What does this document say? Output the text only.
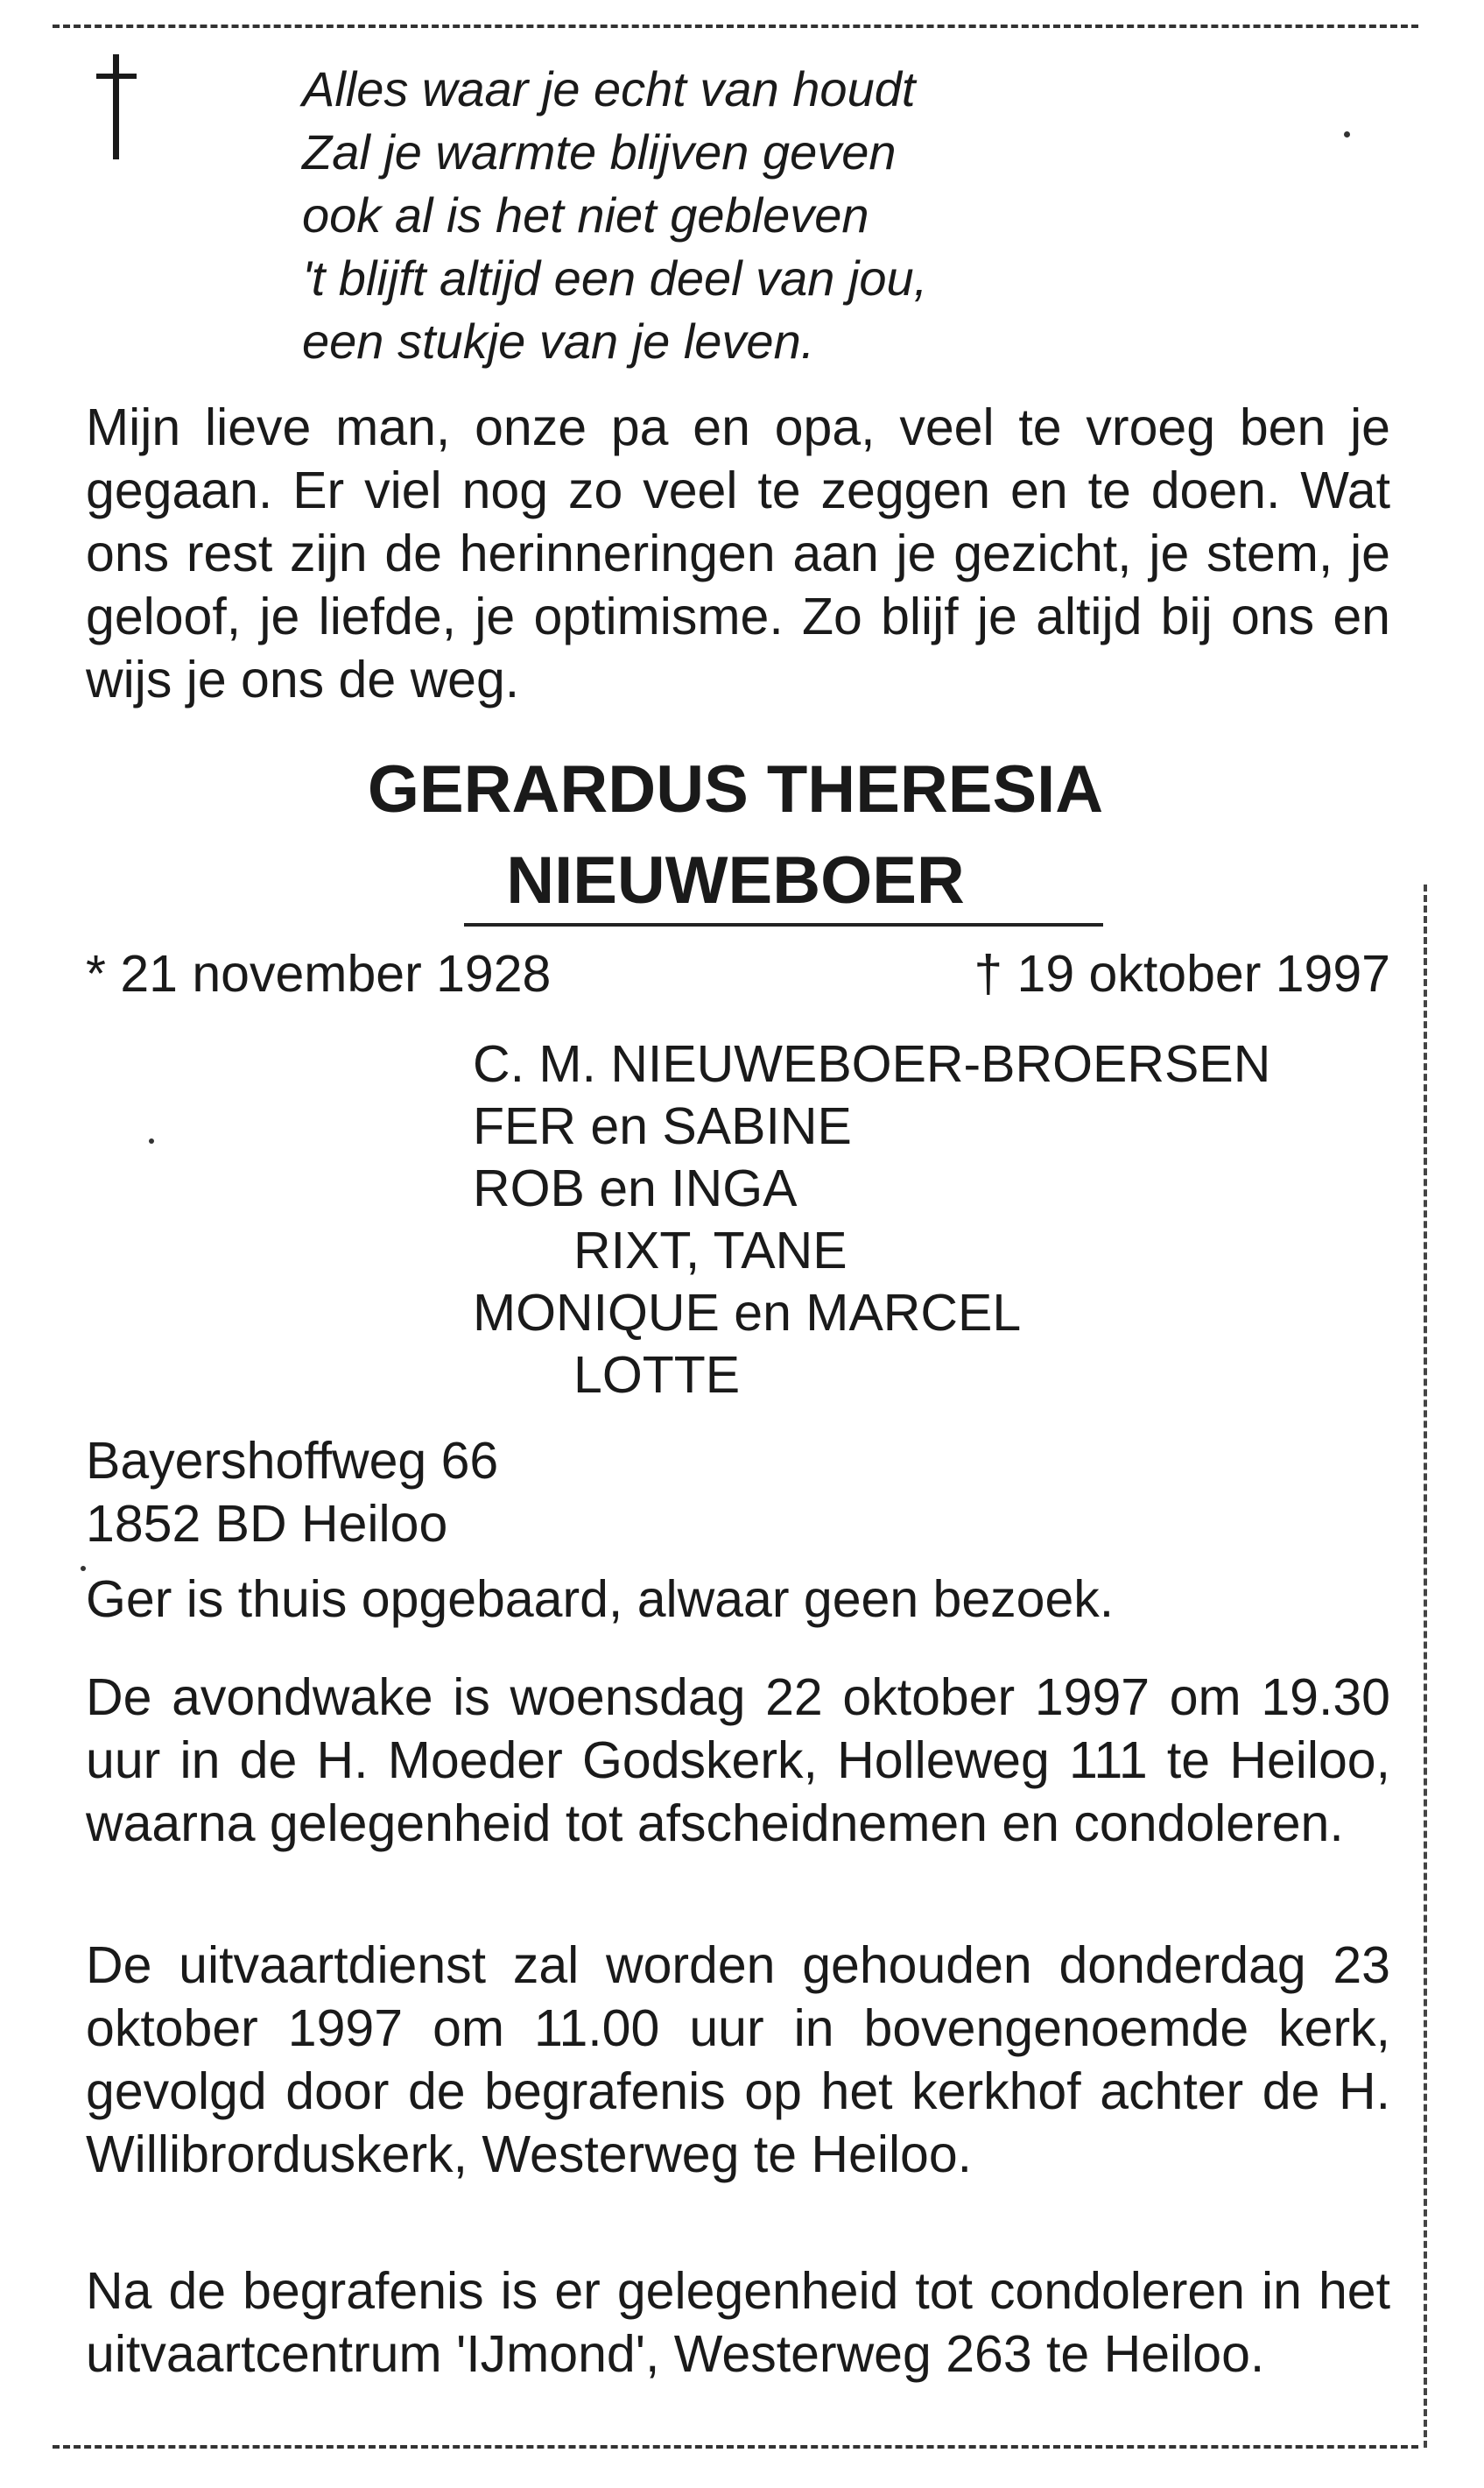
Alles waar je echt van houdt
Zal je warmte blijven geven
ook al is het niet gebleven
't blijft altijd een deel van jou,
een stukje van je leven.
Mijn lieve man, onze pa en opa, veel te vroeg ben je gegaan. Er viel nog zo veel te zeggen en te doen. Wat ons rest zijn de herinneringen aan je gezicht, je stem, je geloof, je liefde, je optimisme. Zo blijf je altijd bij ons en wijs je ons de weg.
GERARDUS THERESIA
NIEUWEBOER
* 21 november 1928	† 19 oktober 1997
C. M. NIEUWEBOER-BROERSEN
FER en SABINE
ROB en INGA
RIXT, TANE
MONIQUE en MARCEL
LOTTE
Bayershoffweg 66
1852 BD Heiloo
Ger is thuis opgebaard, alwaar geen bezoek.
De avondwake is woensdag 22 oktober 1997 om 19.30 uur in de H. Moeder Godskerk, Holleweg 111 te Heiloo, waarna gelegenheid tot afscheidnemen en condoleren.
De uitvaartdienst zal worden gehouden donderdag 23 oktober 1997 om 11.00 uur in bovengenoemde kerk, gevolgd door de begrafenis op het kerkhof achter de H. Willibrorduskerk, Westerweg te Heiloo.
Na de begrafenis is er gelegenheid tot condoleren in het uitvaartcentrum 'IJmond', Westerweg 263 te Heiloo.
